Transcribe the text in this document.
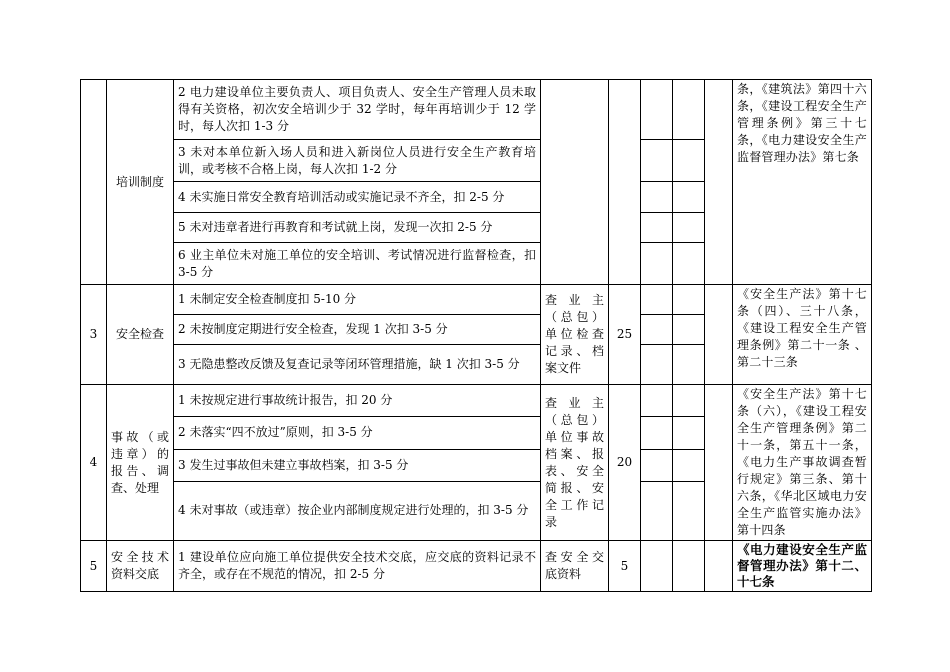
	培训制度	2 电力建设单位主要负责人、项目负责人、安全生产管理人员未取得有关资格，初次安全培训少于 32 学时，每年再培训少于 12 学时，每人次扣 1-3 分						条，《建筑法》第四十六条，《建设工程安全生产管理条例》第三十七条，《电力建设安全生产监督管理办法》第七条
		3 未对本单位新入场人员和进入新岗位人员进行安全生产教育培训，或考核不合格上岗，每人次扣 1-2 分						
		4 未实施日常安全教育培训活动或实施记录不齐全，扣 2-5 分						
		5 未对违章者进行再教育和考试就上岗，发现一次扣 2-5 分						
		6 业主单位未对施工单位的安全培训、考试情况进行监督检查，扣 3-5 分						
3	安全检查	1 未制定安全检查制度扣 5-10 分	查 业 主（总包）单位检查记录、档案文件	25				《安全生产法》第十七条（四）、三十八条，《建设工程安全生产管理条例》第二十一条 、第二十三条
		2 未按制度定期进行安全检查，发现 1 次扣 3-5 分						
		3 无隐患整改反馈及复查记录等闭环管理措施，缺 1 次扣 3-5 分						
4	事故（或违章）的报告、调查、处理	1 未按规定进行事故统计报告，扣 20 分	查 业 主（总包）单位事故档案、报表、安全简报、安全工作记录	20				《安全生产法》第十七条（六），《建设工程安全生产管理条例》第二十一条，第五十一条，《电力生产事故调查暂行规定》第三条、第十六条，《华北区域电力安全生产监管实施办法》第十四条
		2 未落实“四不放过”原则，扣 3-5 分						
		3 发生过事故但未建立事故档案，扣 3-5 分						
		4 未对事故（或违章）按企业内部制度规定进行处理的，扣 3-5 分						
5	安全技术资料交底	1 建设单位应向施工单位提供安全技术交底，应交底的资料记录不齐全，或存在不规范的情况，扣 2-5 分	查安全交底资料	5				《电力建设安全生产监督管理办法》第十二、十七条
